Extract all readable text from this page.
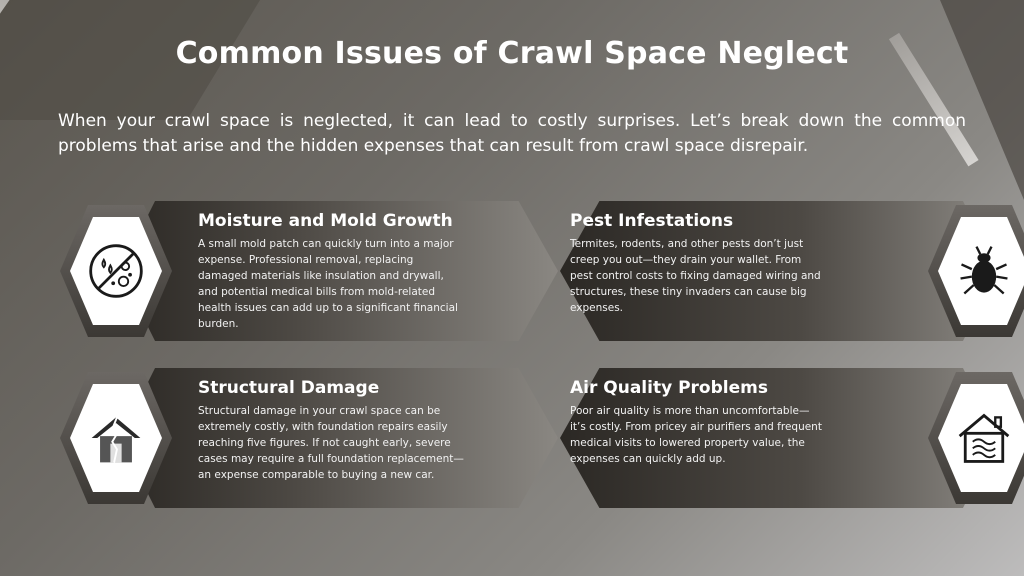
Common Issues of Crawl Space Neglect
When your crawl space is neglected, it can lead to costly surprises. Let’s break down the common problems that arise and the hidden expenses that can result from crawl space disrepair.
Moisture and Mold Growth
A small mold patch can quickly turn into a major expense. Professional removal, replacing damaged materials like insulation and drywall, and potential medical bills from mold-related health issues can add up to a significant financial burden.
Pest Infestations
Termites, rodents, and other pests don’t just creep you out—they drain your wallet. From pest control costs to fixing damaged wiring and structures, these tiny invaders can cause big expenses.
Structural Damage
Structural damage in your crawl space can be extremely costly, with foundation repairs easily reaching five figures. If not caught early, severe cases may require a full foundation replacement—an expense comparable to buying a new car.
Air Quality Problems
Poor air quality is more than uncomfortable—it’s costly. From pricey air purifiers and frequent medical visits to lowered property value, the expenses can quickly add up.
